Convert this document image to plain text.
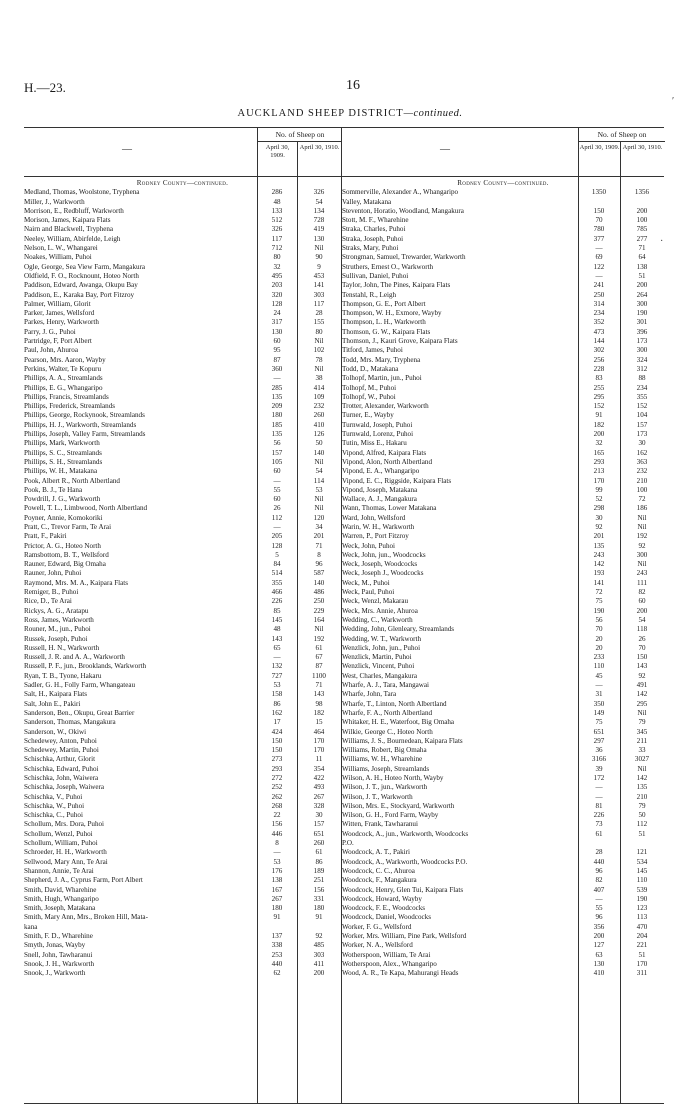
H.—23.	16
AUCKLAND SHEEP DISTRICT—continued.
—
No. of Sheep on
April 30, 1909.
April 30, 1910.
Rodney County—continued.
Medland, Thomas, Woolstone, Tryphena	286	326
Miller, J., Warkworth	48	54
Morrison, E., Redbluff, Warkworth	133	134
Morison, James, Kaipara Flats	512	728
Nairn and Blackwell, Tryphena	326	419
Neeley, William, Abirfelde, Leigh	117	130
Nelson, L. W., Whangarei	712	Nil
Noakes, William, Puhoi	80	90
Ogle, George, Sea View Farm, Mangakura	32	9
Oldfield, F. O., Rocknount, Hoteo North	495	453
Paddison, Edward, Awanga, Okupu Bay	203	141
Paddison, E., Karaka Bay, Port Fitzroy	320	303
Palmer, William, Glorit	128	117
Parker, James, Wellsford	24	28
Parkes, Henry, Warkworth	317	155
Parry, J. G., Puhoi	130	80
Partridge, F, Port Albert	60	Nil
Paul, John, Ahuroa	95	102
Pearson, Mrs. Aaron, Wayby	87	78
Perkins, Walter, Te Kopuru	360	Nil
Phillips, A. A., Streamlands	—	38
Phillips, E. G., Whangaripo	285	414
Phillips, Francis, Streamlands	135	109
Phillips, Frederick, Streamlands	209	232
Phillips, George, Rockynook, Streamlands	180	260
Phillips, H. J., Warkworth, Streamlands	185	410
Phillips, Joseph, Valley Farm, Streamlands	135	126
Phillips, Mark, Warkworth	56	50
Phillips, S. C., Streamlands	157	140
Phillips, S. H., Streamlands	105	Nil
Phillips, W. H., Matakana	60	54
Pook, Albert R., North Albertland	—	114
Pook, B. J., Te Hana	55	53
Powdrill, J. G., Warkworth	60	Nil
Powell, T. L., Limbwood, North Albertland	26	Nil
Poyner, Annie, Komokoriki	112	120
Pratt, C., Trevor Farm, Te Arai	—	34
Pratt, F., Pakiri	205	201
Prictor, A. G., Hoteo North	128	71
Ramsbottom, B. T., Wellsford	5	8
Rauner, Edward, Big Omaha	84	96
Rauner, John, Puhoi	514	587
Raymond, Mrs. M. A., Kaipara Flats	355	140
Remiger, B., Puhoi	466	486
Rice, D., Te Arai	226	250
Rickys, A. G., Aratapu	85	229
Ross, James, Warkworth	145	164
Rouner, M., jun., Puhoi	48	Nil
Russek, Joseph, Puhoi	143	192
Russell, H. N., Warkworth	65	61
Russell, J. R. and A. A., Warkworth	—	67
Russell, P. F., jun., Brooklands, Warkworth	132	87
Ryan, T. B., Tyone, Hakaru	727	1100
Sadler, G. H., Folly Farm, Whangateau	53	71
Salt, H., Kaipara Flats	158	143
Salt, John E., Pakiri	86	98
Sanderson, Ben., Okupu, Great Barrier	162	182
Sanderson, Thomas, Mangakura	17	15
Sanderson, W., Okiwi	424	464
Schedewey, Anton, Puhoi	150	170
Schedewey, Martin, Puhoi	150	170
Schischka, Arthur, Glorit	273	11
Schischka, Edward, Puhoi	293	354
Schischka, John, Waiwera	272	422
Schischka, Joseph, Waiwera	252	493
Schischka, V., Puhoi	262	267
Schischka, W., Puhoi	268	328
Schischka, C., Puhoi	22	30
Schollum, Mrs. Dora, Puhoi	156	157
Schollum, Wenzl, Puhoi	446	651
Schollum, William, Puhoi	8	260
Schroeder, H. H., Warkworth	—	61
Sellwood, Mary Ann, Te Arai	53	86
Shannon, Annie, Te Arai	176	189
Shepherd, J. A., Cyprus Farm, Port Albert	138	251
Smith, David, Wharehine	167	156
Smith, Hugh, Whangaripo	267	331
Smith, Joseph, Matakana	180	180
Smith, Mary Ann, Mrs., Broken Hill, Mata-	91	91
kana
Smith, F. D., Wharehine	137	92
Smyth, Jonas, Wayby	338	485
Snell, John, Tawharanui	253	303
Snook, J. H., Warkworth	440	411
Snook, J., Warkworth	62	200
—
No. of Sheep on
April 30, 1909. April 30, 1910.
Rodney County—continued.
Sommerville, Alexander A., Whangaripo	1350	1356
Valley, Matakana
Steventon, Horatio, Woodland, Mangakura	150	200
Stott, M. F., Wharehine	70	100
Straka, Charles, Puhoi	780	785
Straka, Joseph, Puhoi	377	277
Straks, Mary, Puhoi	—	71
Strongman, Samuel, Trewarder, Warkworth	69	64
Struthers, Ernest O., Warkworth	122	138
Sullivan, Daniel, Puhoi	—	51
Taylor, John, The Pines, Kaipara Flats	241	200
Tenstahl, R., Leigh	250	264
Thompson, G. E., Port Albert	314	300
Thompson, W. H., Exmore, Wayby	234	190
Thompson, L. H., Warkworth	352	301
Thomson, G. W., Kaipara Flats	473	396
Thomson, J., Kauri Grove, Kaipara Flats	144	173
Titford, James, Puhoi	302	300
Todd, Mrs. Mary, Tryphena	256	324
Todd, D., Matakana	228	312
Tolhopf, Martin, jun., Puhoi	83	88
Tolhopf, M., Puhoi	255	234
Tolhopf, W., Puhoi	295	355
Trotter, Alexander, Warkworth	152	152
Turner, E., Wayby	91	104
Turnwald, Joseph, Puhoi	182	157
Turnwald, Lorenz, Puhoi	200	173
Tutin, Miss E., Hakaru	32	30
Vipond, Alfred, Kaipara Flats	165	162
Vipond, Alon, North Albertland	293	363
Vipond, E. A., Whangaripo	213	232
Vipond, E. C., Riggside, Kaipara Flats	170	210
Vipond, Joseph, Matakana	99	100
Wallace, A. J., Mangakura	52	72
Wann, Thomas, Lower Matakana	298	186
Ward, John, Wellsford	30	Nil
Warin, W. H., Warkworth	92	Nil
Warren, P., Port Fitzroy	201	192
Weck, John, Puhoi	135	92
Weck, John, jun., Woodcocks	243	300
Weck, Joseph, Woodcocks	142	Nil
Weck, Joseph J., Woodcocks	193	243
Weck, M., Puhoi	141	111
Weck, Paul, Puhoi	72	82
Weck, Wenzl, Makarau	75	60
Weck, Mrs. Annie, Ahuroa	190	200
Wedding, C., Warkworth	56	54
Wedding, John, Glenleary, Streamlands	70	118
Wedding, W. T., Warkworth	20	26
Wenzlick, John, jun., Puhoi	20	70
Wenzlick, Martin, Puhoi	233	150
Wenzlick, Vincent, Puhoi	110	143
West, Charles, Mangakura	45	92
Wharfe, A. J., Tara, Mangawai	—	491
Wharfe, John, Tara	31	142
Wharfe, T., Linton, North Albertland	350	295
Wharfe, F. A., North Albertland	149	Nil
Whitaker, H. E., Waterfoot, Big Omaha	75	79
Wilkie, George C., Hoteo North	651	345
Williams, J. S., Bournedean, Kaipara Flats	297	211
Williams, Robert, Big Omaha	36	33
Williams, W. H., Wharehine	3166	3027
Williams, Joseph, Streamlands	39	Nil
Wilson, A. H., Hoteo North, Wayby	172	142
Wilson, J. T., jun., Warkworth	—	135
Wilson, J. T., Warkworth	—	210
Wilson, Mrs. E., Stockyard, Warkworth	81	79
Wilson, G. H., Ford Farm, Wayby	226	50
Witten, Frank, Tawharanui	73	112
Woodcock, A., jun., Warkworth, Woodcocks	61	51
P.O.
Woodcock, A. T., Pakiri	28	121
Woodcock, A., Warkworth, Woodcocks P.O.	440	534
Woodcock, C. C., Ahuroa	96	145
Woodcock, F., Mangakura	82	110
Woodcock, Henry, Glen Tui, Kaipara Flats	407	539
Woodcock, Howard, Wayby	—	190
Woodcock, F. E., Woodcocks	55	123
Woodcock, Daniel, Woodcocks	96	113
Worker, F. G., Wellsford	356	470
Worker, Mrs. William, Pine Park, Wellsford	200	204
Worker, N. A., Wellsford	127	221
Wotherspoon, William, Te Arai	63	51
Wotherspoon, Alex., Whangaripo	130	170
Wood, A. R., Te Kapa, Mahurangi Heads	410	311
′
·
